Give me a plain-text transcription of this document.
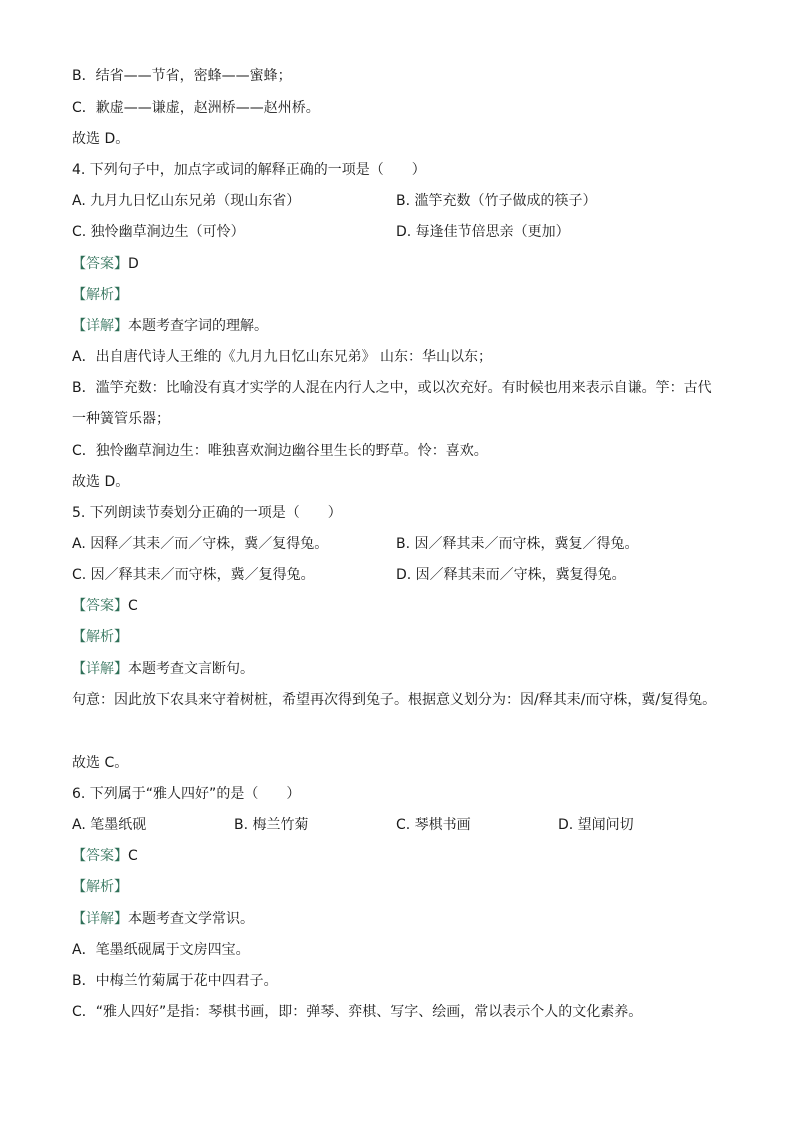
B．结省——节省，密蜂——蜜蜂；
C．歉虚——谦虚，赵洲桥——赵州桥。
故选 D。
4. 下列句子中，加点字或词的解释正确的一项是（　　）
A. 九月九日忆山东兄弟（现山东省）	B. 滥竽充数（竹子做成的筷子）
C. 独怜幽草涧边生（可怜）	D. 每逢佳节倍思亲（更加）
【答案】D
【解析】
【详解】本题考查字词的理解。
A．出自唐代诗人王维的《九月九日忆山东兄弟》 山东：华山以东；
B．滥竽充数：比喻没有真才实学的人混在内行人之中，或以次充好。有时候也用来表示自谦。竽：古代一种簧管乐器；
C．独怜幽草涧边生：唯独喜欢涧边幽谷里生长的野草。怜：喜欢。
故选 D。
5. 下列朗读节奏划分正确的一项是（　　）
A. 因释／其耒／而／守株，冀／复得兔。	B. 因／释其耒／而守株，冀复／得兔。
C. 因／释其耒／而守株，冀／复得兔。	D. 因／释其耒而／守株，冀复得兔。
【答案】C
【解析】
【详解】本题考查文言断句。
句意：因此放下农具来守着树桩，希望再次得到兔子。根据意义划分为：因/释其耒/而守株，冀/复得兔。
故选 C。
6. 下列属于“雅人四好”的是（　　）
A. 笔墨纸砚	B. 梅兰竹菊	C. 琴棋书画	D. 望闻问切
【答案】C
【解析】
【详解】本题考查文学常识。
A．笔墨纸砚属于文房四宝。
B．中梅兰竹菊属于花中四君子。
C．“雅人四好”是指：琴棋书画，即：弹琴、弈棋、写字、绘画，常以表示个人的文化素养。
